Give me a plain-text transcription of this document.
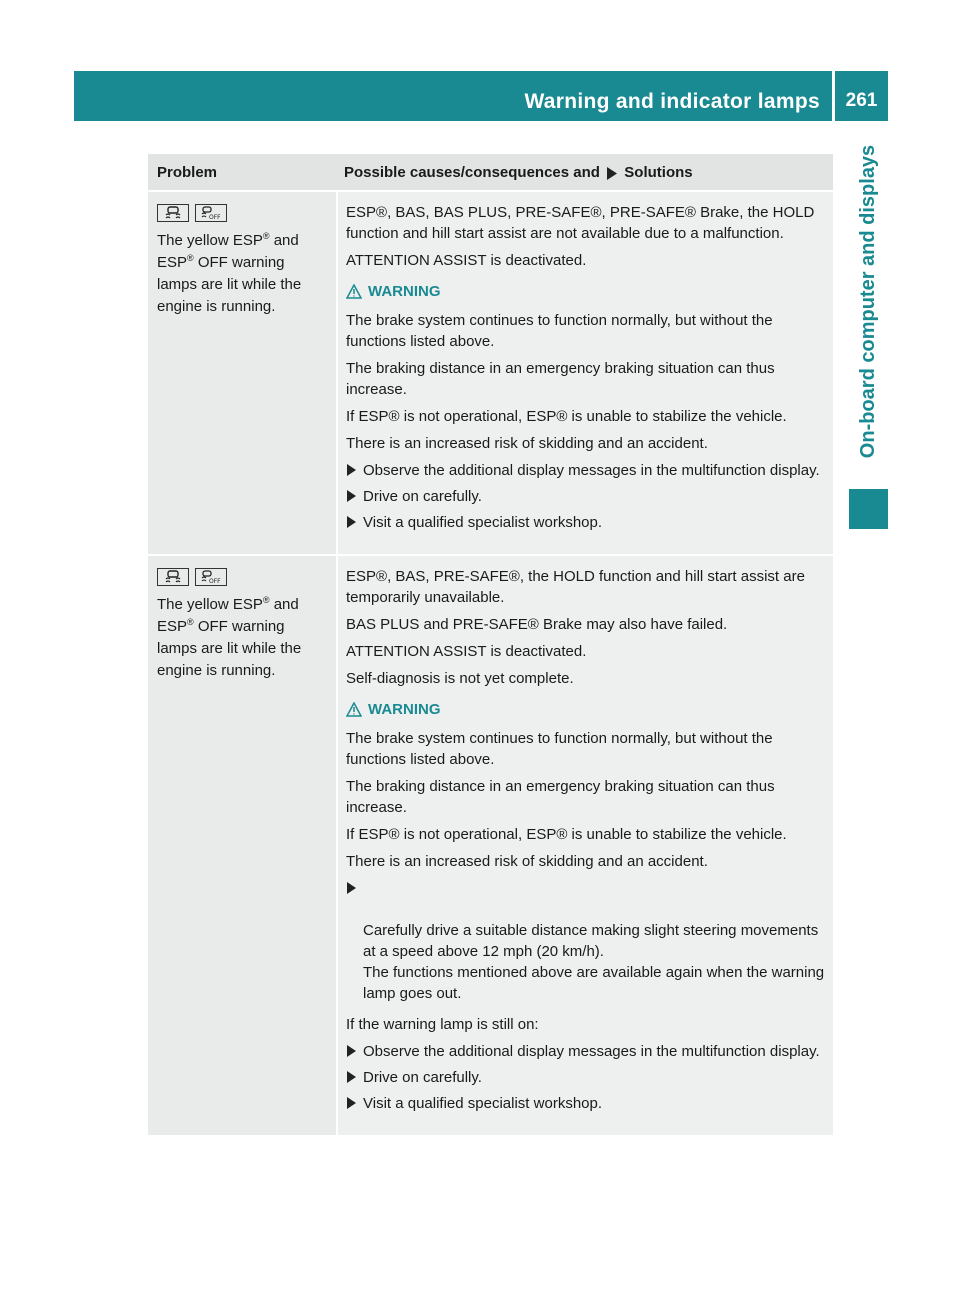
Warning and indicator lamps	261
On-board computer and displays
Problem	Possible causes/consequences and Solutions
OFF
The yellow ESP® and
ESP® OFF warning lamps are lit while the engine is running.

ESP®, BAS, BAS PLUS, PRE-SAFE®, PRE-SAFE® Brake, the HOLD function and hill start assist are not available due to a malfunction.

ATTENTION ASSIST is deactivated.

WARNING

The brake system continues to function normally, but without the functions listed above.

The braking distance in an emergency braking situation can thus increase.

If ESP® is not operational, ESP® is unable to stabilize the vehicle.

There is an increased risk of skidding and an accident.

Observe the additional display messages in the multifunction display.
Drive on carefully.
Visit a qualified specialist workshop.
OFF
The yellow ESP® and
ESP® OFF warning lamps are lit while the engine is running.

ESP®, BAS, PRE-SAFE®, the HOLD function and hill start assist are temporarily unavailable.

BAS PLUS and PRE-SAFE® Brake may also have failed.

ATTENTION ASSIST is deactivated.

Self-diagnosis is not yet complete.

WARNING

The brake system continues to function normally, but without the functions listed above.

The braking distance in an emergency braking situation can thus increase.

If ESP® is not operational, ESP® is unable to stabilize the vehicle.

There is an increased risk of skidding and an accident.

Carefully drive a suitable distance making slight steering movements at a speed above 12 mph (20 km/h).
The functions mentioned above are available again when the warning lamp goes out.

If the warning lamp is still on:

Observe the additional display messages in the multifunction display.
Drive on carefully.
Visit a qualified specialist workshop.
